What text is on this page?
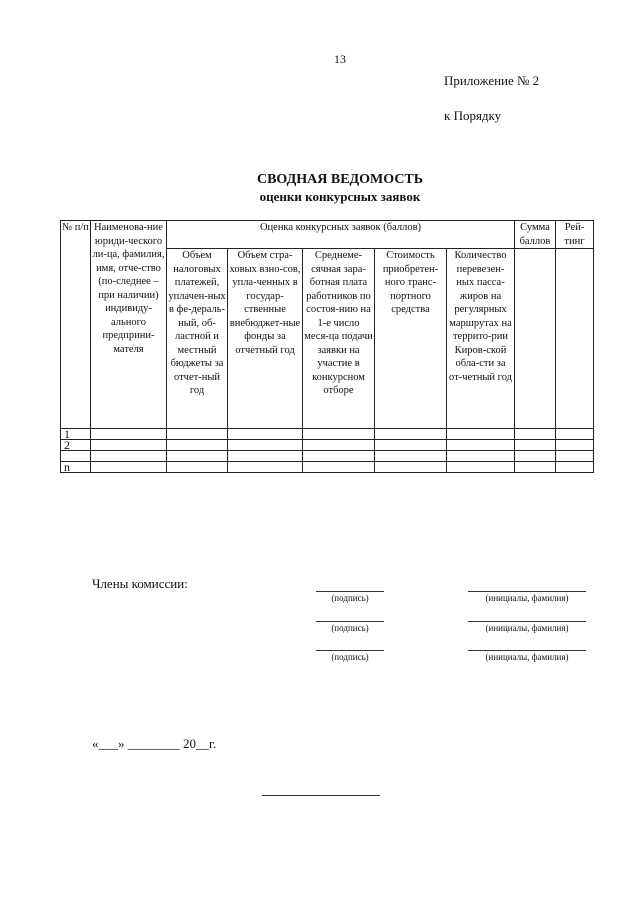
13
Приложение № 2
к Порядку
СВОДНАЯ ВЕДОМОСТЬ
оценки конкурсных заявок
№ п/п	Наименова-ние юриди-ческого ли-ца, фамилия, имя, отче-ство (по-следнее – при наличии) индивиду-ального предприни-мателя	Оценка конкурсных заявок (баллов)					Сумма баллов	Рей-тинг
		Объем налоговых платежей, уплачен-ных в фе-дераль-ный, об-ластной и местный бюджеты за отчет-ный год	Объем стра-ховых взно-сов, упла-ченных в государ-ственные внебюджет-ные фонды за отчетный год	Среднеме-сячная зара-ботная плата работников по состоя-нию на 1-е число меся-ца подачи заявки на участие в конкурсном отборе	Стоимость приобретен-ного транс-портного средства	Количество перевезен-ных пасса-жиров на регулярных маршрутах на террито-рии Киров-ской обла-сти за от-четный год		
1								
2								

n								
Члены комиссии:
(подпись)	(инициалы, фамилия)
(подпись)	(инициалы, фамилия)
(подпись)	(инициалы, фамилия)
«___» ________ 20__г.
